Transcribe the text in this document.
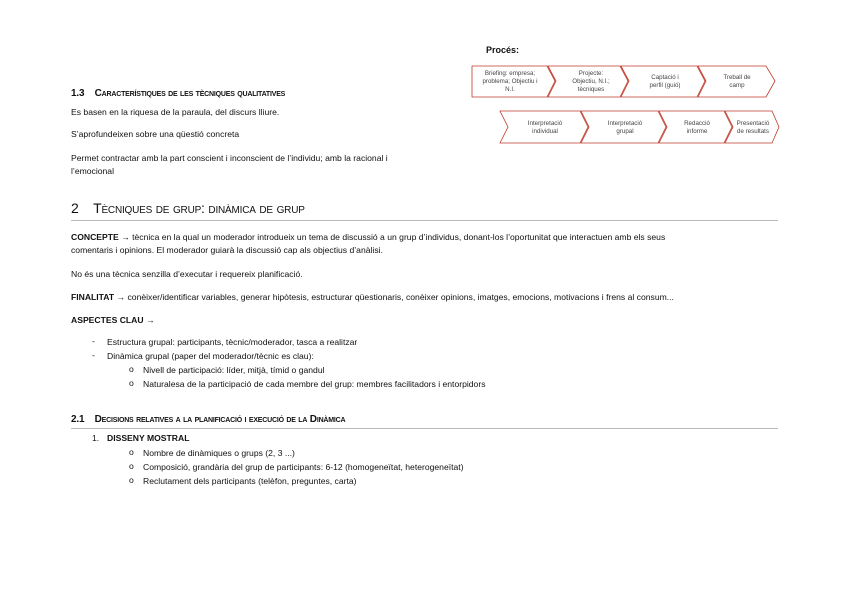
Procés:
Briefing: empresa;
problema; Objectiu i
N.I.
Projecte:
Objectiu, N.I.;
tècniques
Captació i
perfil (guió)
Treball de
camp
Interpretació
individual
Interpretació
grupal
Redacció
informe
Presentació
de resultats
1.3 Característiques de les tècniques qualitatives
Es basen en la riquesa de la paraula, del discurs lliure.
S’aprofundeixen sobre una qüestió concreta
Permet contractar amb la part conscient i inconscient de l’individu; amb la racional i
l’emocional
2 Tècniques de grup: dinàmica de grup
CONCEPTE → tècnica en la qual un moderador introdueix un tema de discussió a un grup d’individus, donant-los l’oportunitat que interactuen amb els seus
comentaris i opinions. El moderador guiarà la discussió cap als objectius d’anàlisi.
No és una tècnica senzilla d’executar i requereix planificació.
FINALITAT → conèixer/identificar variables, generar hipòtesis, estructurar qüestionaris, conèixer opinions, imatges, emocions, motivacions i frens al consum...
ASPECTES CLAU →
- Estructura grupal: participants, tècnic/moderador, tasca a realitzar
- Dinàmica grupal (paper del moderador/tècnic es clau):
o Nivell de participació: líder, mitjà, tímid o gandul
o Naturalesa de la participació de cada membre del grup: membres facilitadors i entorpidors
2.1 Decisions relatives a la planificació i execució de la Dinàmica
1. DISSENY MOSTRAL
o Nombre de dinàmiques o grups (2, 3 ...)
o Composició, grandària del grup de participants: 6-12 (homogeneïtat, heterogeneïtat)
o Reclutament dels participants (telèfon, preguntes, carta)
